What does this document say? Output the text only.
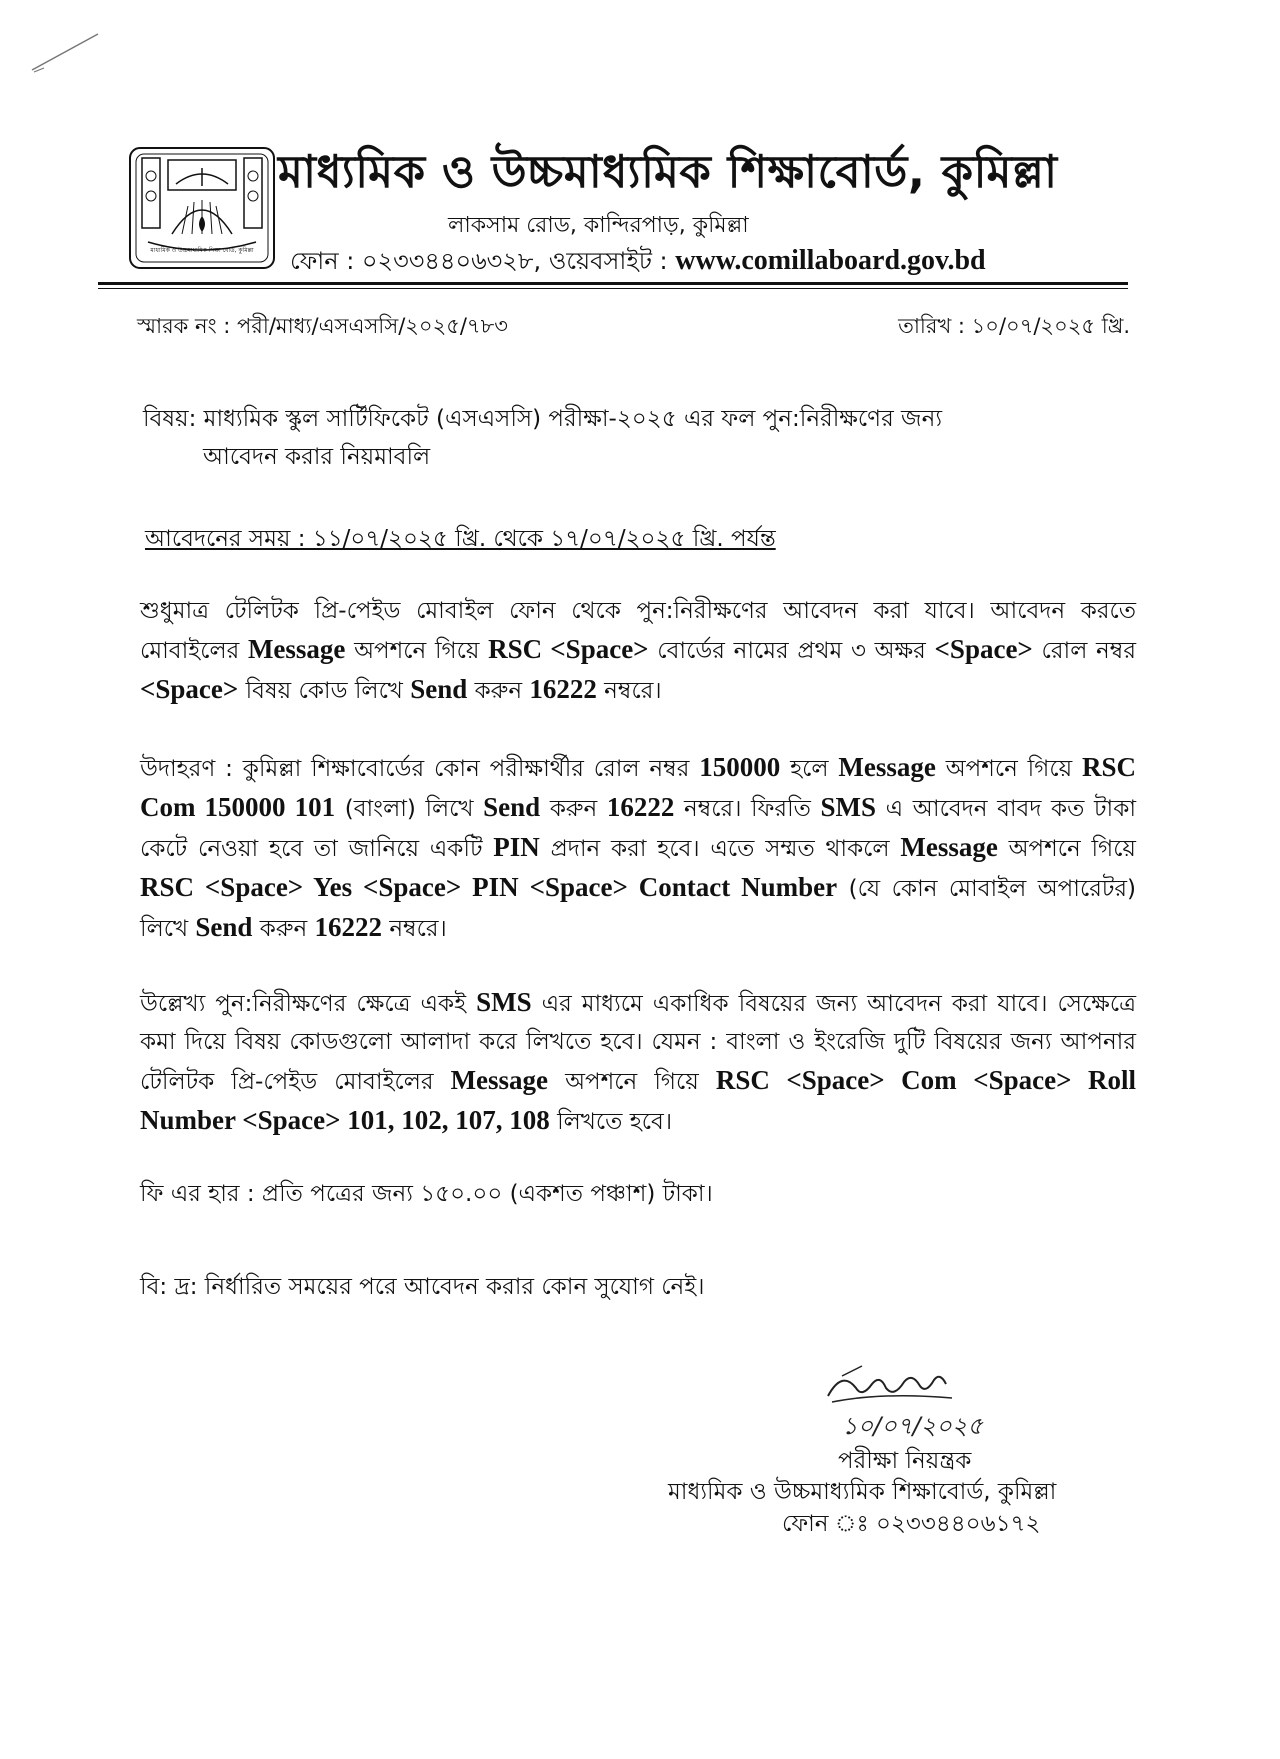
মাধ্যমিক ও উচ্চমাধ্যমিক শিক্ষা বোর্ড, কুমিল্লা
মাধ্যমিক ও উচ্চমাধ্যমিক শিক্ষাবোর্ড, কুমিল্লা
লাকসাম রোড, কান্দিরপাড়, কুমিল্লা
ফোন : ০২৩৩৪৪০৬৩২৮, ওয়েবসাইট : www.comillaboard.gov.bd
স্মারক নং : পরী/মাধ্য/এসএসসি/২০২৫/৭৮৩	তারিখ : ১০/০৭/২০২৫ খ্রি.
বিষয়: মাধ্যমিক স্কুল সার্টিফিকেট (এসএসসি) পরীক্ষা-২০২৫ এর ফল পুন:নিরীক্ষণের জন্য
আবেদন করার নিয়মাবলি
আবেদনের সময় : ১১/০৭/২০২৫ খ্রি. থেকে ১৭/০৭/২০২৫ খ্রি. পর্যন্ত
শুধুমাত্র টেলিটক প্রি-পেইড মোবাইল ফোন থেকে পুন:নিরীক্ষণের আবেদন করা যাবে। আবেদন করতে মোবাইলের Message অপশনে গিয়ে RSC <Space> বোর্ডের নামের প্রথম ৩ অক্ষর <Space> রোল নম্বর <Space> বিষয় কোড লিখে Send করুন 16222 নম্বরে।
উদাহরণ : কুমিল্লা শিক্ষাবোর্ডের কোন পরীক্ষার্থীর রোল নম্বর 150000 হলে Message অপশনে গিয়ে RSC Com 150000 101 (বাংলা) লিখে Send করুন 16222 নম্বরে। ফিরতি SMS এ আবেদন বাবদ কত টাকা কেটে নেওয়া হবে তা জানিয়ে একটি PIN প্রদান করা হবে। এতে সম্মত থাকলে Message অপশনে গিয়ে RSC <Space> Yes <Space> PIN <Space> Contact Number (যে কোন মোবাইল অপারেটর) লিখে Send করুন 16222 নম্বরে।
উল্লেখ্য পুন:নিরীক্ষণের ক্ষেত্রে একই SMS এর মাধ্যমে একাধিক বিষয়ের জন্য আবেদন করা যাবে। সেক্ষেত্রে কমা দিয়ে বিষয় কোডগুলো আলাদা করে লিখতে হবে। যেমন : বাংলা ও ইংরেজি দুটি বিষয়ের জন্য আপনার টেলিটক প্রি-পেইড মোবাইলের Message অপশনে গিয়ে RSC <Space> Com <Space> Roll Number <Space> 101, 102, 107, 108 লিখতে হবে।
ফি এর হার : প্রতি পত্রের জন্য ১৫০.০০ (একশত পঞ্চাশ) টাকা।
বি: দ্র: নির্ধারিত সময়ের পরে আবেদন করার কোন সুযোগ নেই।
১০/০৭/২০২৫
পরীক্ষা নিয়ন্ত্রক
মাধ্যমিক ও উচ্চমাধ্যমিক শিক্ষাবোর্ড, কুমিল্লা
ফোন ঃ ০২৩৩৪৪০৬১৭২
